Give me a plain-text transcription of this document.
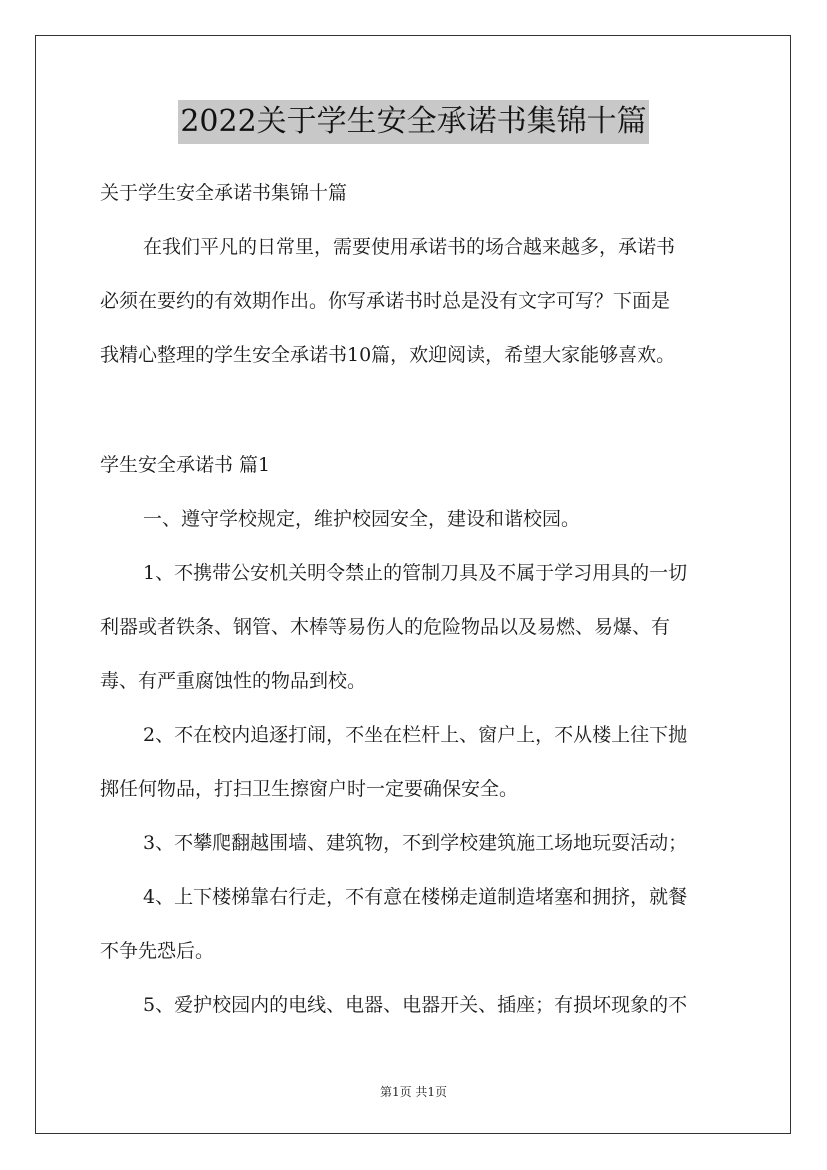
2022关于学生安全承诺书集锦十篇
关于学生安全承诺书集锦十篇
在我们平凡的日常里，需要使用承诺书的场合越来越多，承诺书
必须在要约的有效期作出。你写承诺书时总是没有文字可写？下面是
我精心整理的学生安全承诺书10篇，欢迎阅读，希望大家能够喜欢。
学生安全承诺书 篇1
一、遵守学校规定，维护校园安全，建设和谐校园。
1、不携带公安机关明令禁止的管制刀具及不属于学习用具的一切
利器或者铁条、钢管、木棒等易伤人的危险物品以及易燃、易爆、有
毒、有严重腐蚀性的物品到校。
2、不在校内追逐打闹，不坐在栏杆上、窗户上，不从楼上往下抛
掷任何物品，打扫卫生擦窗户时一定要确保安全。
3、不攀爬翻越围墙、建筑物，不到学校建筑施工场地玩耍活动；
4、上下楼梯靠右行走，不有意在楼梯走道制造堵塞和拥挤，就餐
不争先恐后。
5、爱护校园内的电线、电器、电器开关、插座；有损坏现象的不
第1页 共1页
